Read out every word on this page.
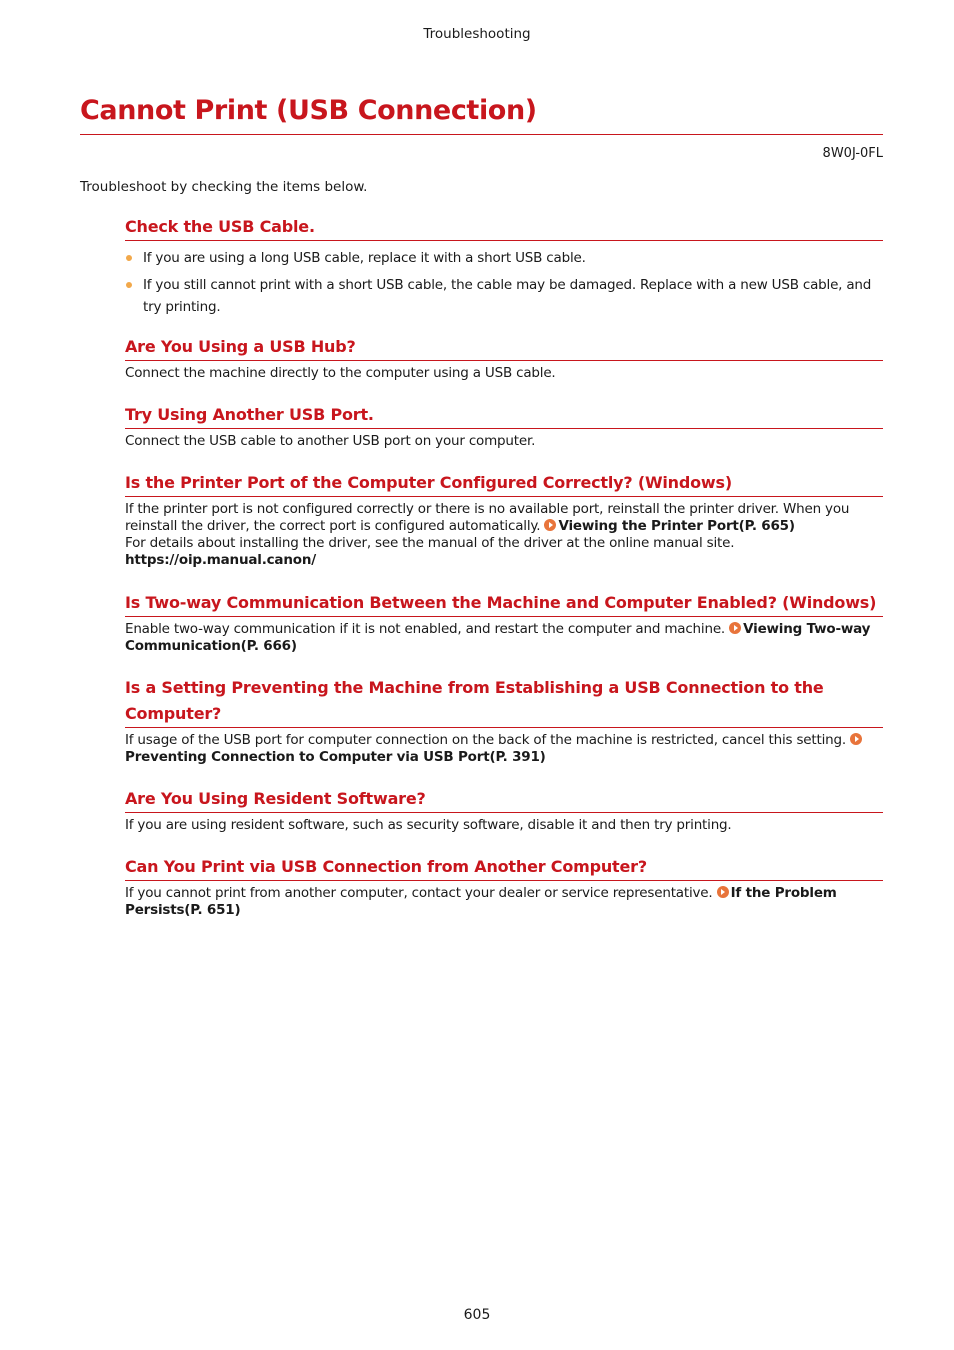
Troubleshooting
Cannot Print (USB Connection)
8W0J-0FL
Troubleshoot by checking the items below.
Check the USB Cable.
If you are using a long USB cable, replace it with a short USB cable.
If you still cannot print with a short USB cable, the cable may be damaged. Replace with a new USB cable, and try printing.
Are You Using a USB Hub?

Connect the machine directly to the computer using a USB cable.

Try Using Another USB Port.

Connect the USB cable to another USB port on your computer.

Is the Printer Port of the Computer Configured Correctly? (Windows)

If the printer port is not configured correctly or there is no available port, reinstall the printer driver. When you reinstall the driver, the correct port is configured automatically. Viewing the Printer Port(P. 665)
For details about installing the driver, see the manual of the driver at the online manual site.
https://oip.manual.canon/

Is Two-way Communication Between the Machine and Computer Enabled? (Windows)

Enable two-way communication if it is not enabled, and restart the computer and machine. Viewing Two-way Communication(P. 666)

Is a Setting Preventing the Machine from Establishing a USB Connection to the Computer?

If usage of the USB port for computer connection on the back of the machine is restricted, cancel this setting. Preventing Connection to Computer via USB Port(P. 391)

Are You Using Resident Software?

If you are using resident software, such as security software, disable it and then try printing.

Can You Print via USB Connection from Another Computer?

If you cannot print from another computer, contact your dealer or service representative. If the Problem Persists(P. 651)

605
